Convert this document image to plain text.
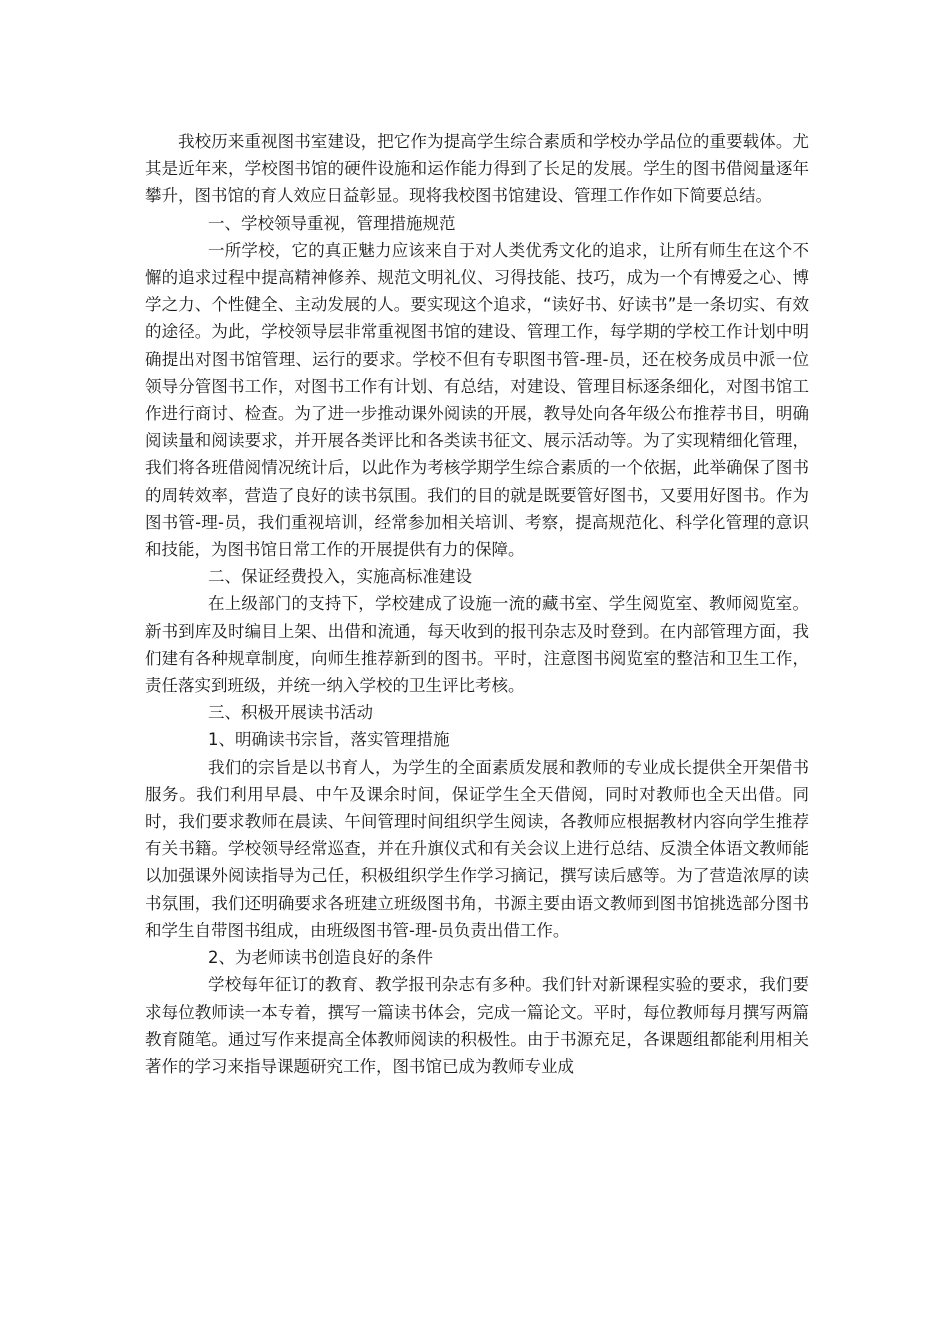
我校历来重视图书室建设，把它作为提高学生综合素质和学校办学品位的重要载体。尤其是近年来，学校图书馆的硬件设施和运作能力得到了长足的发展。学生的图书借阅量逐年攀升，图书馆的育人效应日益彰显。现将我校图书馆建设、管理工作作如下简要总结。

一、学校领导重视，管理措施规范

一所学校，它的真正魅力应该来自于对人类优秀文化的追求，让所有师生在这个不懈的追求过程中提高精神修养、规范文明礼仪、习得技能、技巧，成为一个有博爱之心、博学之力、个性健全、主动发展的人。要实现这个追求，“读好书、好读书”是一条切实、有效的途径。为此，学校领导层非常重视图书馆的建设、管理工作，每学期的学校工作计划中明确提出对图书馆管理、运行的要求。学校不但有专职图书管-理-员，还在校务成员中派一位领导分管图书工作，对图书工作有计划、有总结，对建设、管理目标逐条细化，对图书馆工作进行商讨、检查。为了进一步推动课外阅读的开展，教导处向各年级公布推荐书目，明确阅读量和阅读要求，并开展各类评比和各类读书征文、展示活动等。为了实现精细化管理，我们将各班借阅情况统计后，以此作为考核学期学生综合素质的一个依据，此举确保了图书的周转效率，营造了良好的读书氛围。我们的目的就是既要管好图书，又要用好图书。作为图书管-理-员，我们重视培训，经常参加相关培训、考察，提高规范化、科学化管理的意识和技能，为图书馆日常工作的开展提供有力的保障。

二、保证经费投入，实施高标准建设

在上级部门的支持下，学校建成了设施一流的藏书室、学生阅览室、教师阅览室。新书到库及时编目上架、出借和流通，每天收到的报刊杂志及时登到。在内部管理方面，我们建有各种规章制度，向师生推荐新到的图书。平时，注意图书阅览室的整洁和卫生工作，责任落实到班级，并统一纳入学校的卫生评比考核。

三、积极开展读书活动

1、明确读书宗旨，落实管理措施

我们的宗旨是以书育人，为学生的全面素质发展和教师的专业成长提供全开架借书服务。我们利用早晨、中午及课余时间，保证学生全天借阅，同时对教师也全天出借。同时，我们要求教师在晨读、午间管理时间组织学生阅读，各教师应根据教材内容向学生推荐有关书籍。学校领导经常巡查，并在升旗仪式和有关会议上进行总结、反溃全体语文教师能以加强课外阅读指导为己任，积极组织学生作学习摘记，撰写读后感等。为了营造浓厚的读书氛围，我们还明确要求各班建立班级图书角，书源主要由语文教师到图书馆挑选部分图书和学生自带图书组成，由班级图书管-理-员负责出借工作。

2、为老师读书创造良好的条件

学校每年征订的教育、教学报刊杂志有多种。我们针对新课程实验的要求，我们要求每位教师读一本专着，撰写一篇读书体会，完成一篇论文。平时，每位教师每月撰写两篇教育随笔。通过写作来提高全体教师阅读的积极性。由于书源充足，各课题组都能利用相关著作的学习来指导课题研究工作，图书馆已成为教师专业成
